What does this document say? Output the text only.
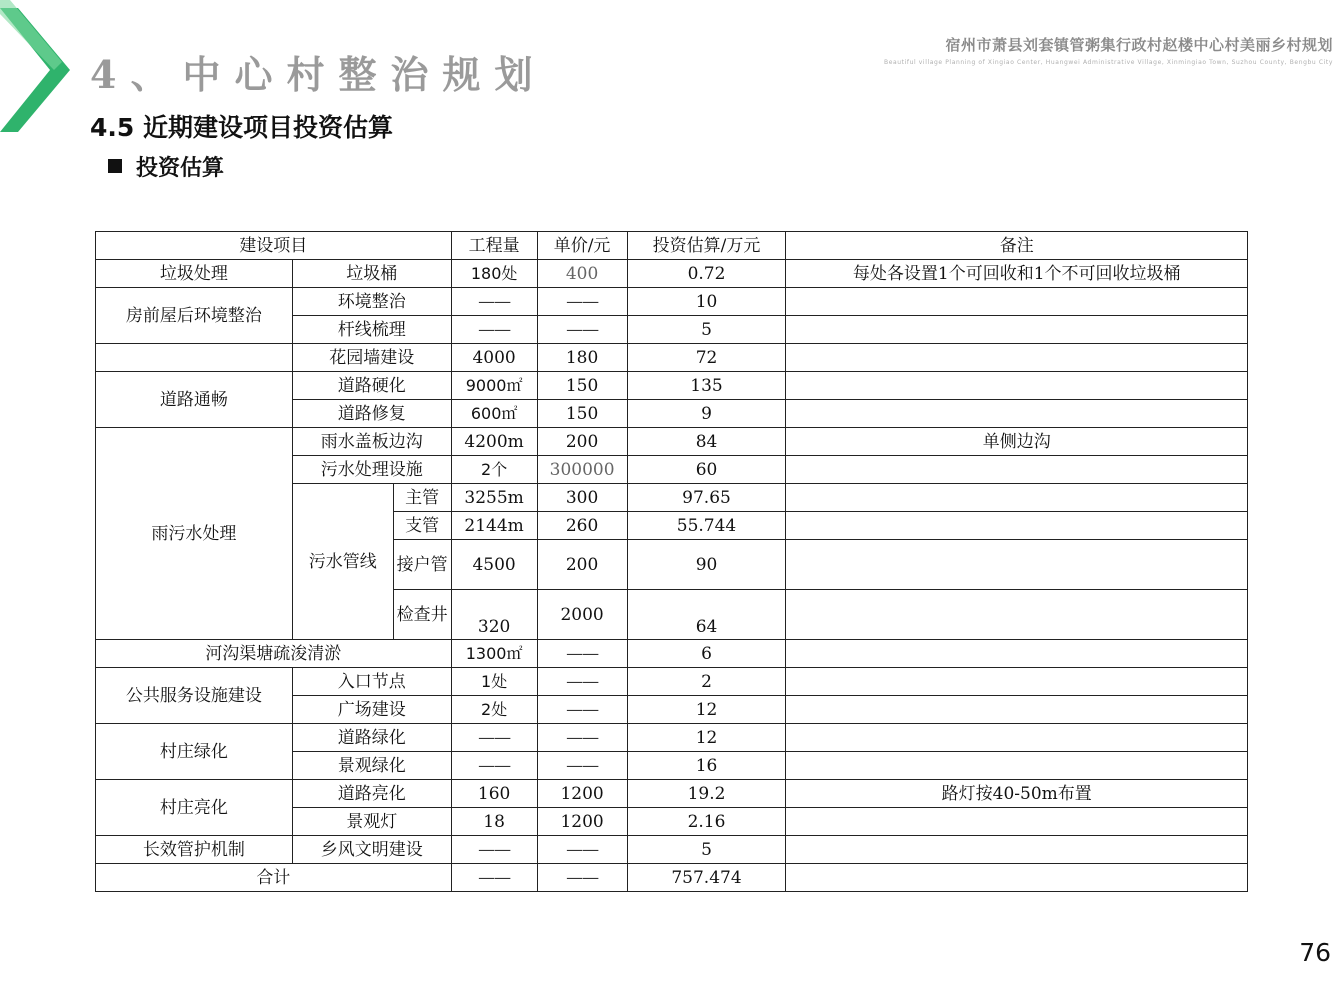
4、中心村整治规划
宿州市萧县刘套镇管粥集行政村赵楼中心村美丽乡村规划
Beautiful village Planning of Xingiao Center, Huangwei Administrative Village, Xinmingiao Town, Suzhou County, Bengbu City
4.5 近期建设项目投资估算
投资估算
建设项目			工程量	单价/元	投资估算/万元	备注
垃圾处理	垃圾桶		180处	400	0.72	每处各设置1个可回收和1个不可回收垃圾桶
房前屋后环境整治	环境整治		——	——	10	
	杆线梳理		——	——	5	
	花园墙建设		4000	180	72	
道路通畅	道路硬化		9000㎡	150	135	
	道路修复		600㎡	150	9	
雨污水处理	雨水盖板边沟		4200m	200	84	单侧边沟
	污水处理设施		2个	300000	60	
	污水管线	主管	3255m	300	97.65	
		支管	2144m	260	55.744	
		接户管	4500	200	90	
		检查井	320	2000	64	
河沟渠塘疏浚清淤			1300㎡	——	6	
公共服务设施建设	入口节点		1处	——	2	
	广场建设		2处	——	12	
村庄绿化	道路绿化		——	——	12	
	景观绿化		——	——	16	
村庄亮化	道路亮化		160	1200	19.2	路灯按40-50m布置
	景观灯		18	1200	2.16	
长效管护机制	乡风文明建设		——	——	5	
合计			——	——	757.474	
76
